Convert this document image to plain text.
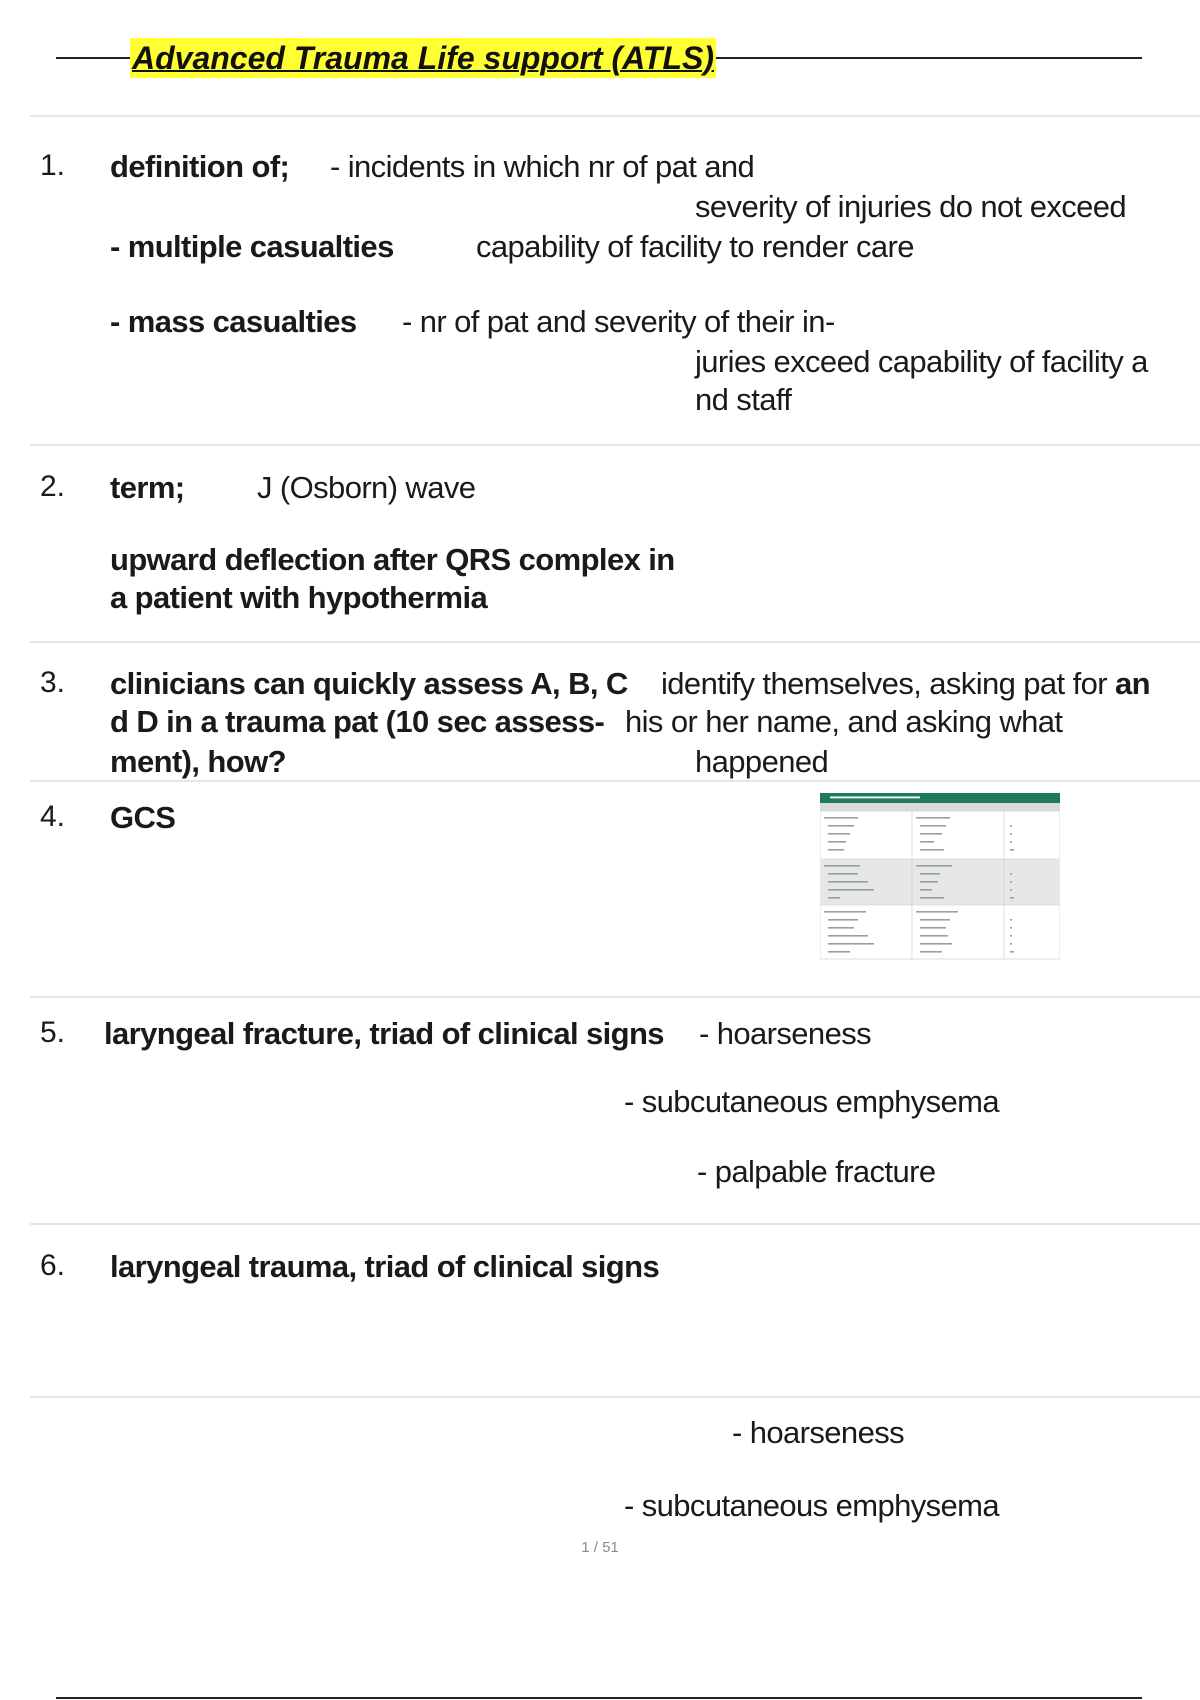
Advanced Trauma Life support (ATLS)
1. definition of; - incidents in which nr of pat and
severity of injuries do not exceed
- multiple casualties	capability of facility to render care
- mass casualties - nr of pat and severity of their in-
juries exceed capability of facility a
nd staff
2. term; J (Osborn) wave
upward deflection after QRS complex in
a patient with hypothermia
3. clinicians can quickly assess A, B, C identify themselves, asking pat for an
d D in a trauma pat (10 sec assess- his or her name, and asking what
ment), how?	happened
4. GCS
5. laryngeal fracture, triad of clinical signs - hoarseness
- subcutaneous emphysema
- palpable fracture
6. laryngeal trauma, triad of clinical signs
- hoarseness
- subcutaneous emphysema
1 / 51
